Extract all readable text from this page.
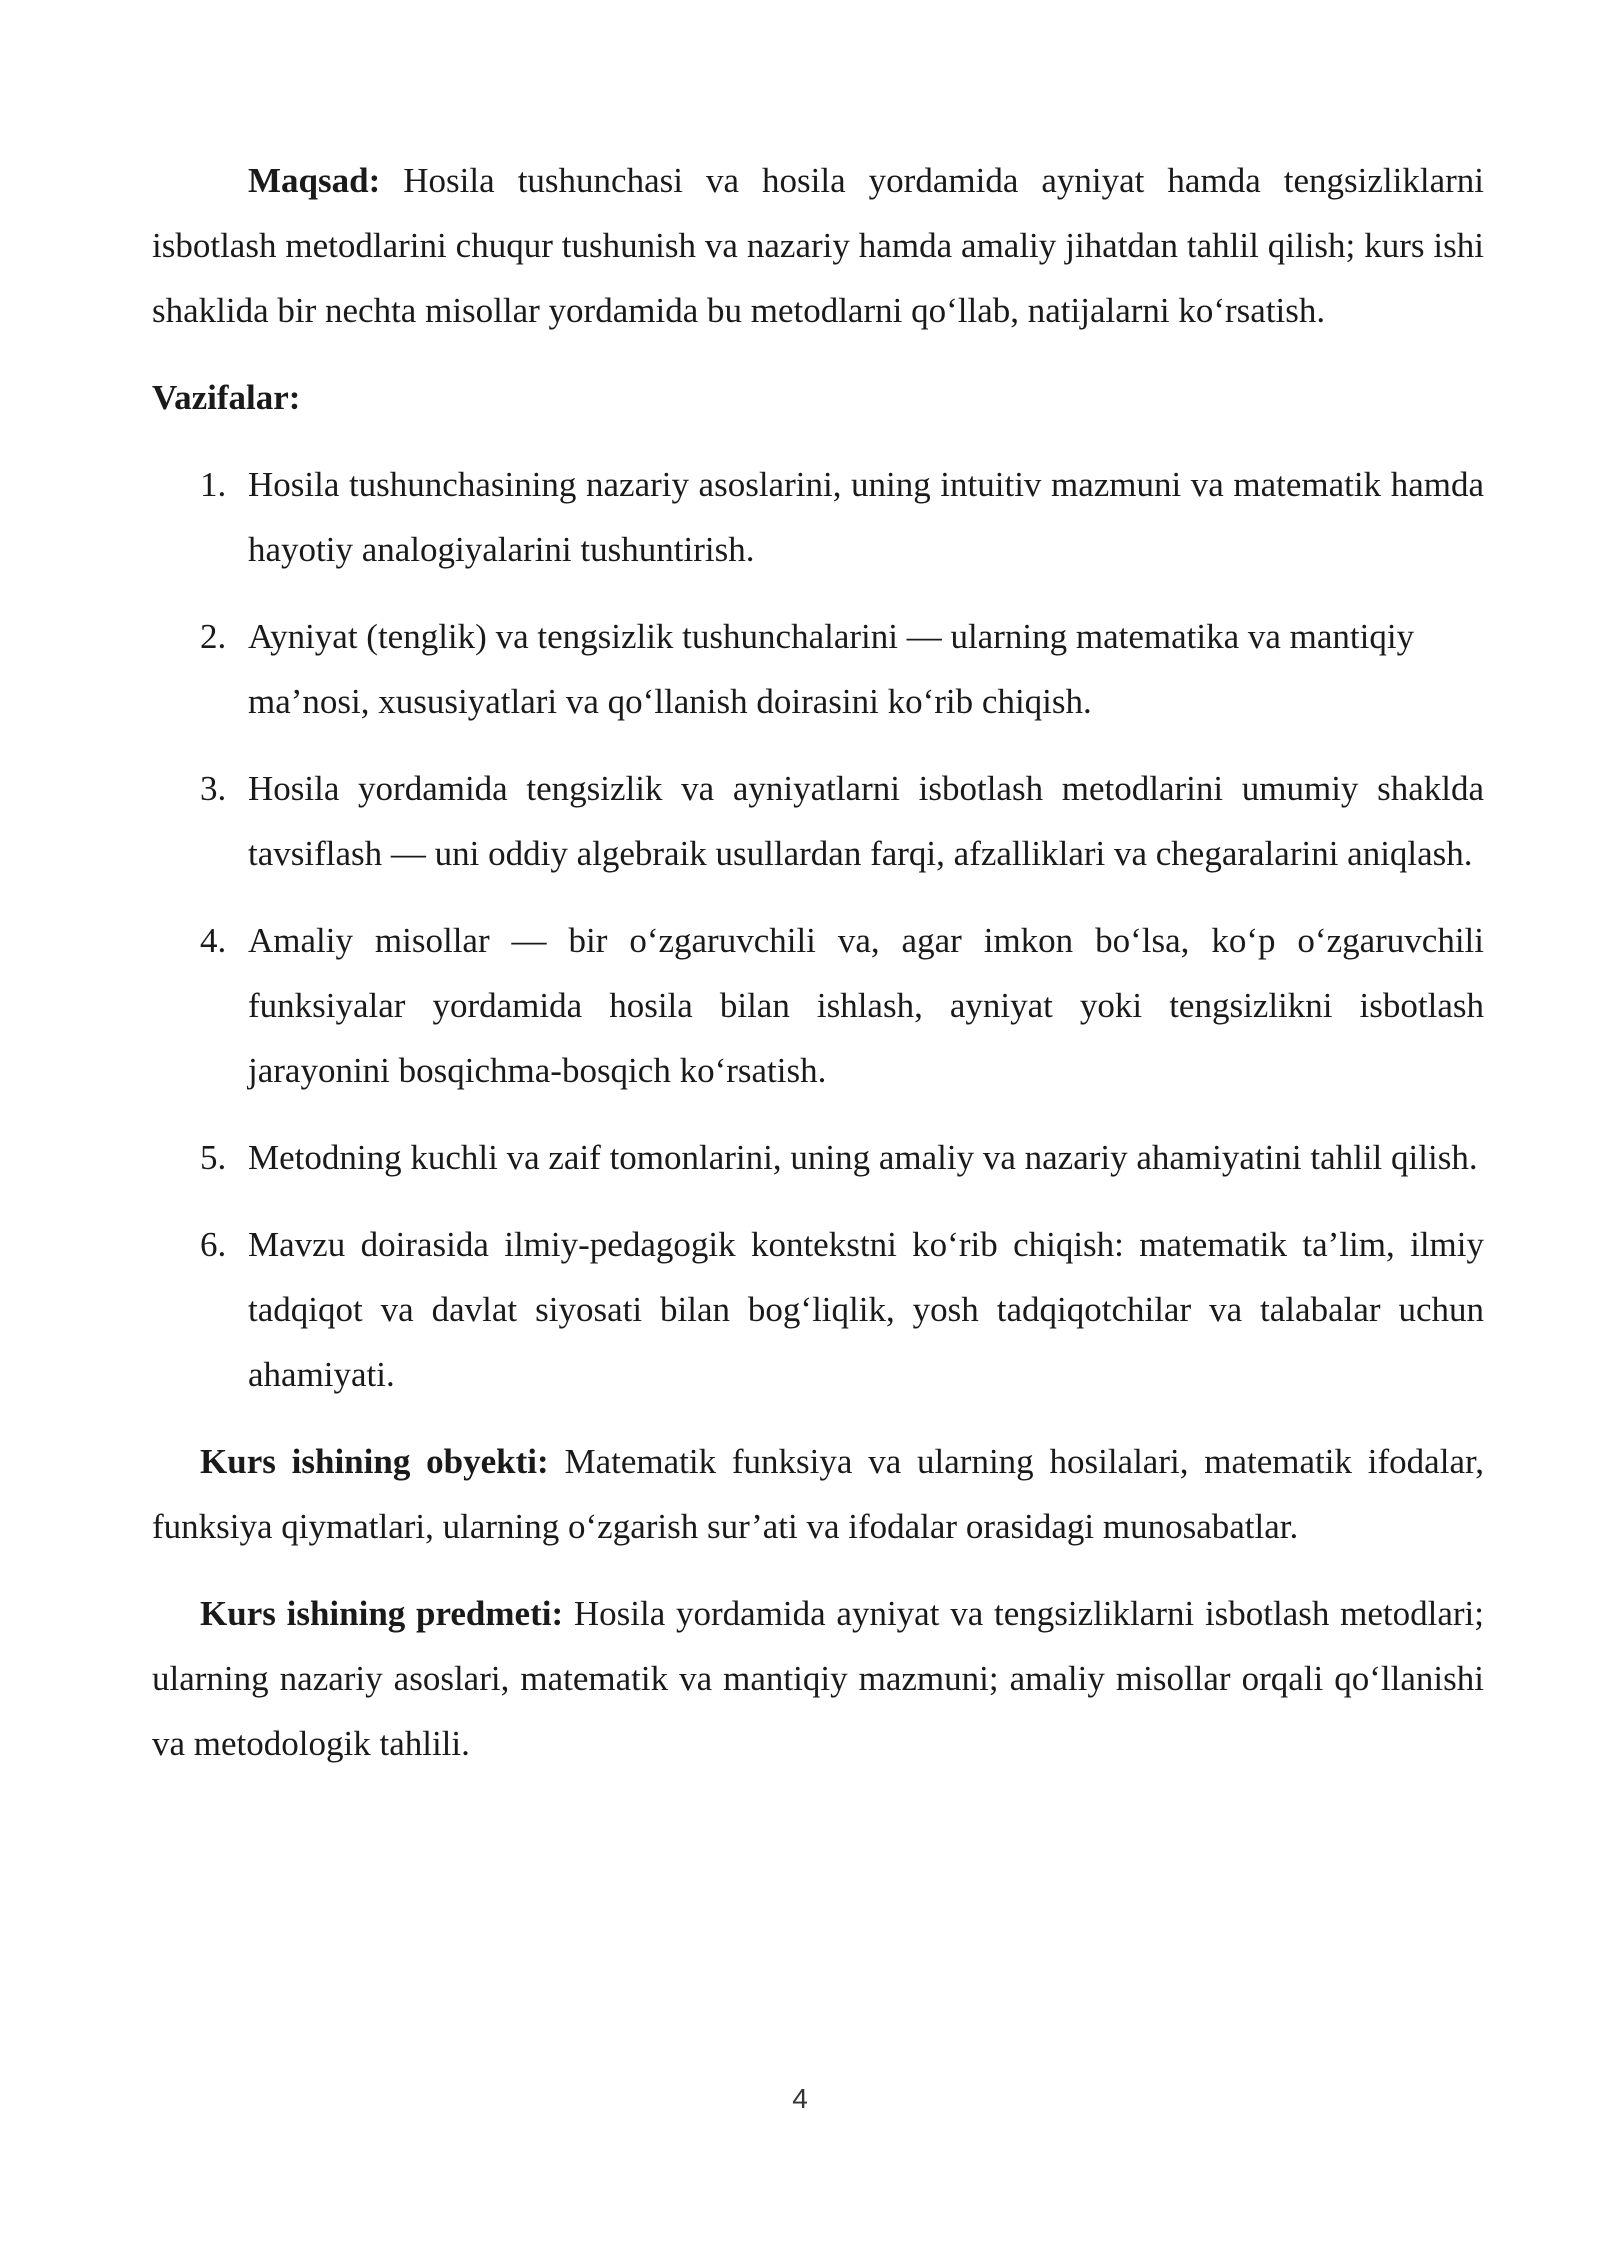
Maqsad: Hosila tushunchasi va hosila yordamida ayniyat hamda tengsizliklarni isbotlash metodlarini chuqur tushunish va nazariy hamda amaliy jihatdan tahlil qilish; kurs ishi shaklida bir nechta misollar yordamida bu metodlarni qo‘llab, natijalarni ko‘rsatish.

Vazifalar:

1. Hosila tushunchasining nazariy asoslarini, uning intuitiv mazmuni va matematik hamda hayotiy analogiyalarini tushuntirish.
2. Ayniyat (tenglik) va tengsizlik tushunchalarini — ularning matematika va mantiqiy ma’nosi, xususiyatlari va qo‘llanish doirasini ko‘rib chiqish.
3. Hosila yordamida tengsizlik va ayniyatlarni isbotlash metodlarini umumiy shaklda tavsiflash — uni oddiy algebraik usullardan farqi, afzalliklari va chegaralarini aniqlash.
4. Amaliy misollar — bir o‘zgaruvchili va, agar imkon bo‘lsa, ko‘p o‘zgaruvchili funksiyalar yordamida hosila bilan ishlash, ayniyat yoki tengsizlikni isbotlash jarayonini bosqichma-bosqich ko‘rsatish.
5. Metodning kuchli va zaif tomonlarini, uning amaliy va nazariy ahamiyatini tahlil qilish.
6. Mavzu doirasida ilmiy-pedagogik kontekstni ko‘rib chiqish: matematik ta’lim, ilmiy tadqiqot va davlat siyosati bilan bog‘liqlik, yosh tadqiqotchilar va talabalar uchun ahamiyati.

Kurs ishining obyekti: Matematik funksiya va ularning hosilalari, matematik ifodalar, funksiya qiymatlari, ularning o‘zgarish sur’ati va ifodalar orasidagi munosabatlar.

Kurs ishining predmeti: Hosila yordamida ayniyat va tengsizliklarni isbotlash metodlari; ularning nazariy asoslari, matematik va mantiqiy mazmuni; amaliy misollar orqali qo‘llanishi va metodologik tahlili.

4
